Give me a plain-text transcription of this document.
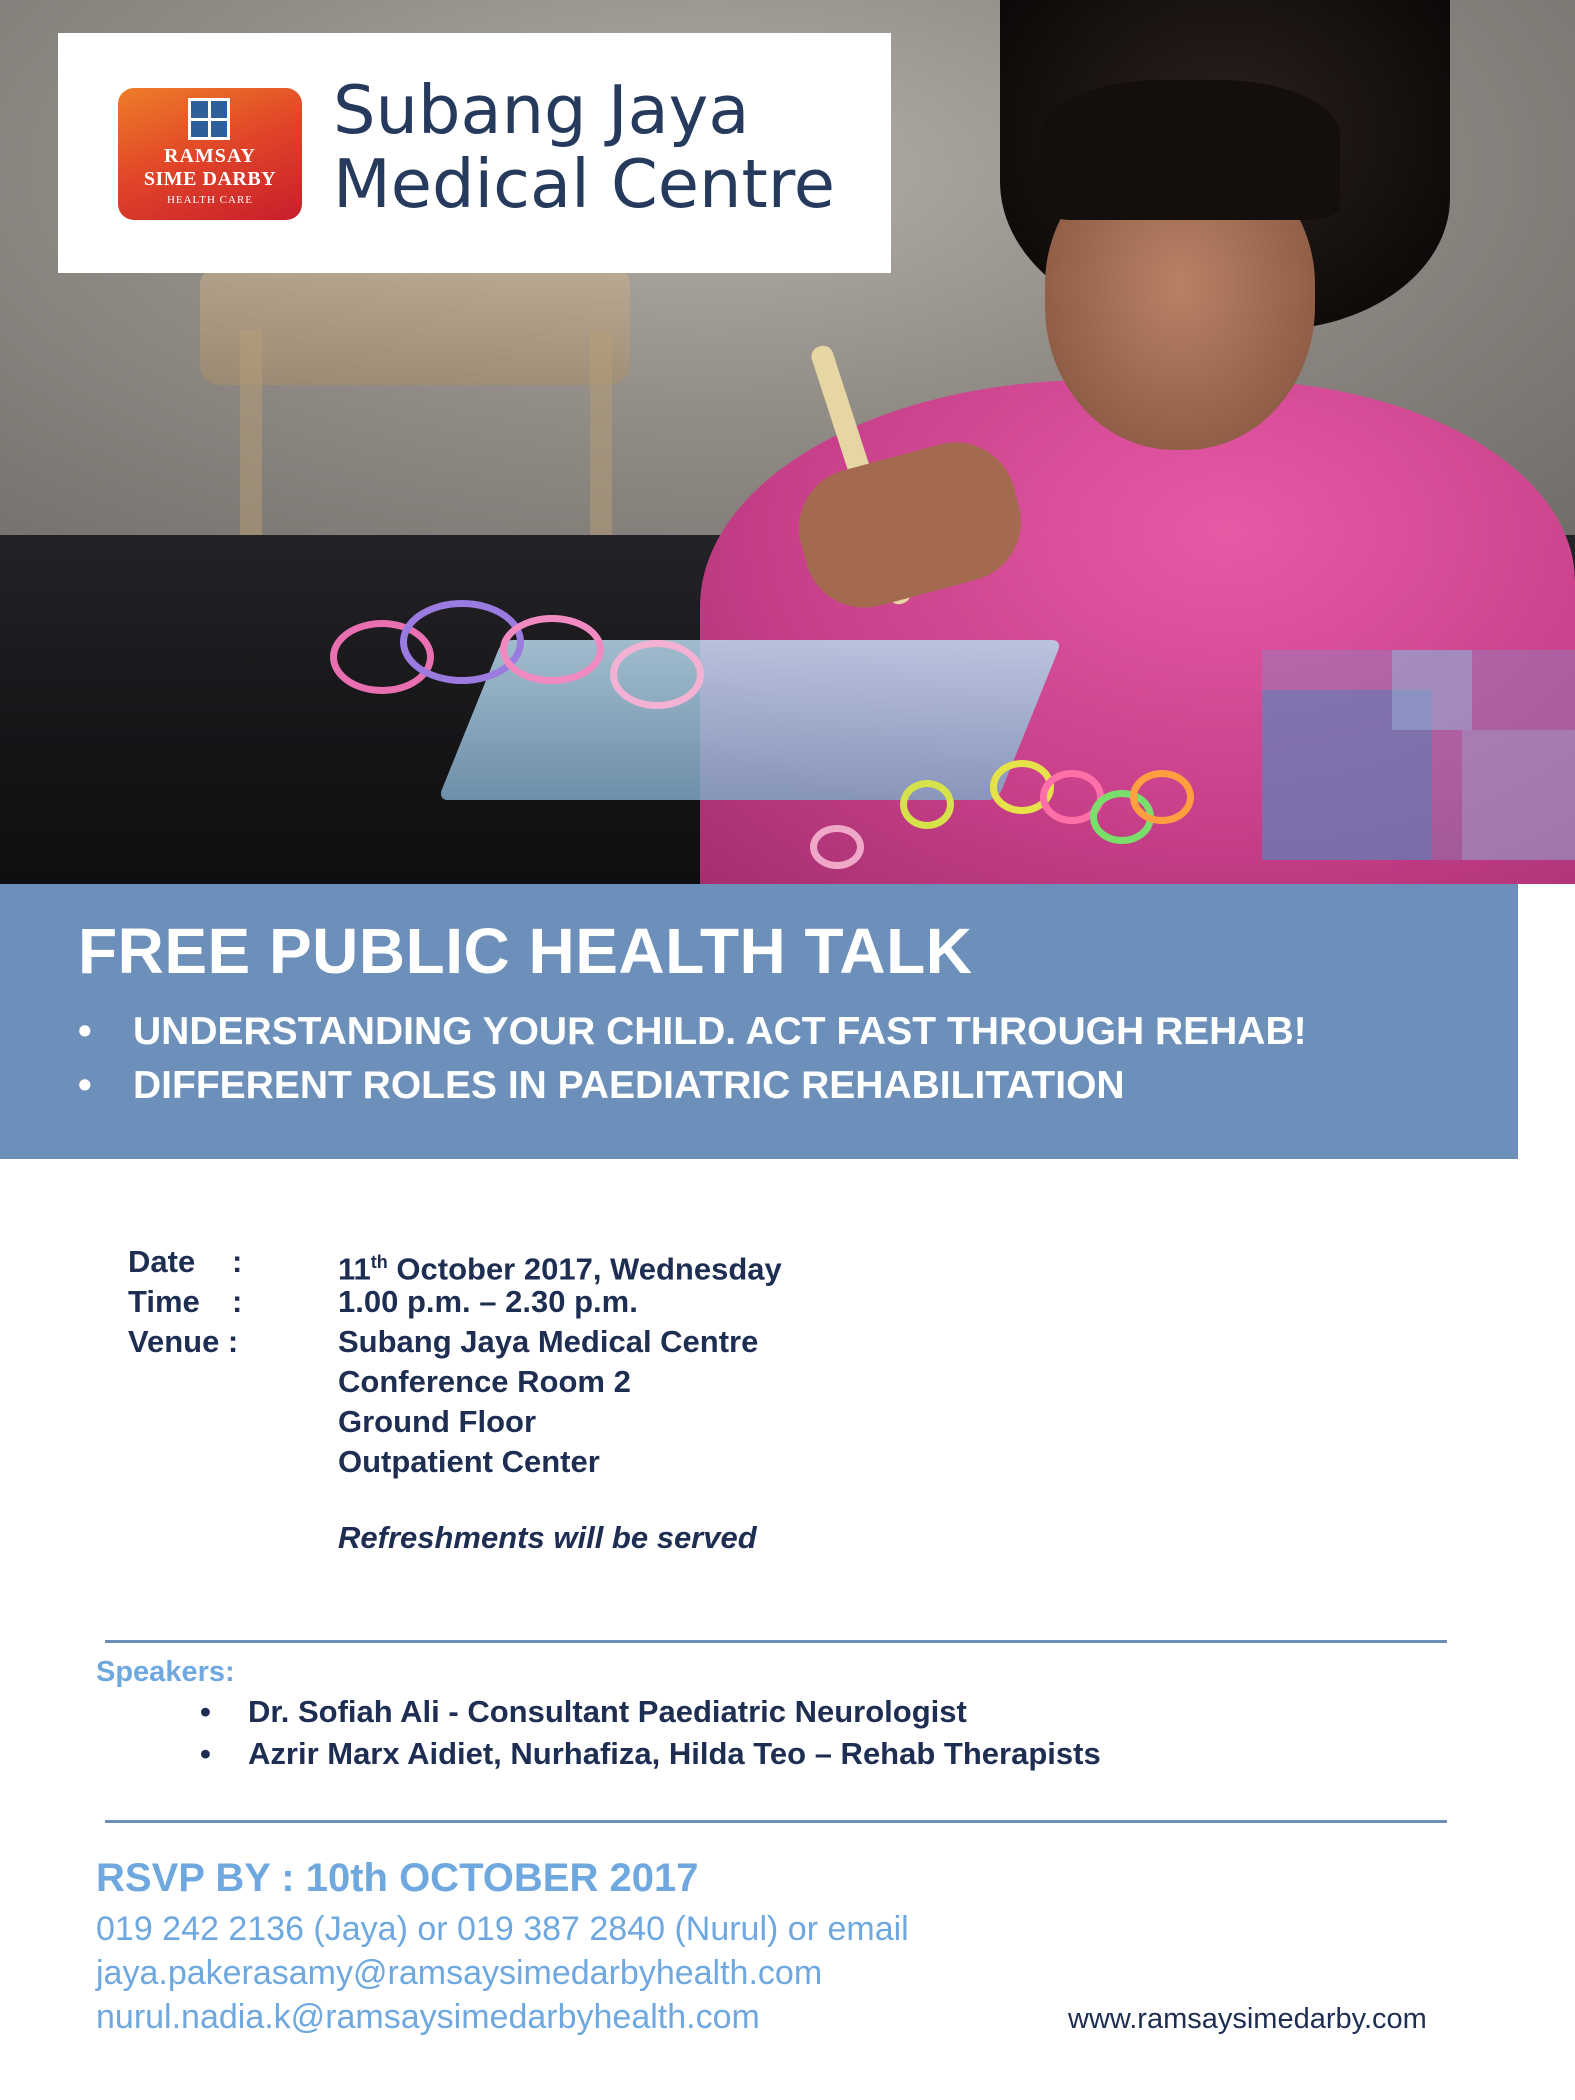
RAMSAY
SIME DARBY
HEALTH CARE
Subang Jaya
Medical Centre
FREE PUBLIC HEALTH TALK
• UNDERSTANDING YOUR CHILD. ACT FAST THROUGH REHAB!
• DIFFERENT ROLES IN PAEDIATRIC REHABILITATION
Date :	11th October 2017, Wednesday
Time :	1.00 p.m. – 2.30 p.m.
Venue :	Subang Jaya Medical Centre
Conference Room 2
Ground Floor
Outpatient Center
Refreshments will be served
Speakers:
• Dr. Sofiah Ali - Consultant Paediatric Neurologist
• Azrir Marx Aidiet, Nurhafiza, Hilda Teo – Rehab Therapists
RSVP BY : 10th OCTOBER 2017
019 242 2136 (Jaya) or 019 387 2840 (Nurul) or email
jaya.pakerasamy@ramsaysimedarbyhealth.com
nurul.nadia.k@ramsaysimedarbyhealth.com	www.ramsaysimedarby.com
